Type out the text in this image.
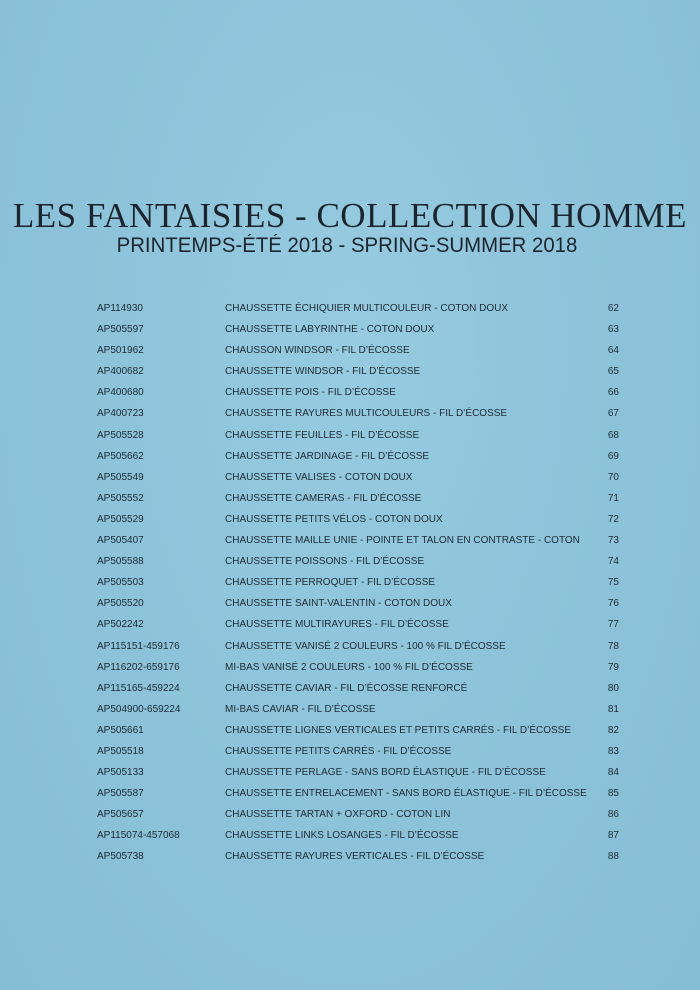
LES FANTAISIES - COLLECTION HOMME
PRINTEMPS-ÉTÉ 2018 - SPRING-SUMMER 2018
AP114930	CHAUSSETTE ÉCHIQUIER MULTICOULEUR - COTON DOUX	62
AP505597	CHAUSSETTE LABYRINTHE - COTON DOUX	63
AP501962	CHAUSSON WINDSOR - FIL D’ÉCOSSE	64
AP400682	CHAUSSETTE WINDSOR - FIL D’ÉCOSSE	65
AP400680	CHAUSSETTE POIS - FIL D’ÉCOSSE	66
AP400723	CHAUSSETTE RAYURES MULTICOULEURS - FIL D’ÉCOSSE	67
AP505528	CHAUSSETTE FEUILLES - FIL D’ÉCOSSE	68
AP505662	CHAUSSETTE JARDINAGE - FIL D’ÉCOSSE	69
AP505549	CHAUSSETTE VALISES - COTON DOUX	70
AP505552	CHAUSSETTE CAMERAS - FIL D’ÉCOSSE	71
AP505529	CHAUSSETTE PETITS VÉLOS - COTON DOUX	72
AP505407	CHAUSSETTE MAILLE UNIE - POINTE ET TALON EN CONTRASTE - COTON	73
AP505588	CHAUSSETTE POISSONS - FIL D’ÉCOSSE	74
AP505503	CHAUSSETTE PERROQUET - FIL D’ÉCOSSE	75
AP505520	CHAUSSETTE SAINT-VALENTIN - COTON DOUX	76
AP502242	CHAUSSETTE MULTIRAYURES - FIL D’ÉCOSSE	77
AP115151-459176	CHAUSSETTE VANISÉ 2 COULEURS - 100 % FIL D’ÉCOSSE	78
AP116202-659176	MI-BAS VANISÉ 2 COULEURS - 100 % FIL D’ÉCOSSE	79
AP115165-459224	CHAUSSETTE CAVIAR - FIL D’ÉCOSSE RENFORCÉ	80
AP504900-659224	MI-BAS CAVIAR - FIL D’ÉCOSSE	81
AP505661	CHAUSSETTE LIGNES VERTICALES ET PETITS CARRÉS - FIL D’ÉCOSSE	82
AP505518	CHAUSSETTE PETITS CARRÉS - FIL D’ÉCOSSE	83
AP505133	CHAUSSETTE PERLAGE - SANS BORD ÉLASTIQUE - FIL D’ÉCOSSE	84
AP505587	CHAUSSETTE ENTRELACEMENT - SANS BORD ÉLASTIQUE - FIL D’ÉCOSSE 85
AP505657	CHAUSSETTE TARTAN + OXFORD - COTON LIN	86
AP115074-457068	CHAUSSETTE LINKS LOSANGES - FIL D’ÉCOSSE	87
AP505738	CHAUSSETTE RAYURES VERTICALES - FIL D’ÉCOSSE	88
